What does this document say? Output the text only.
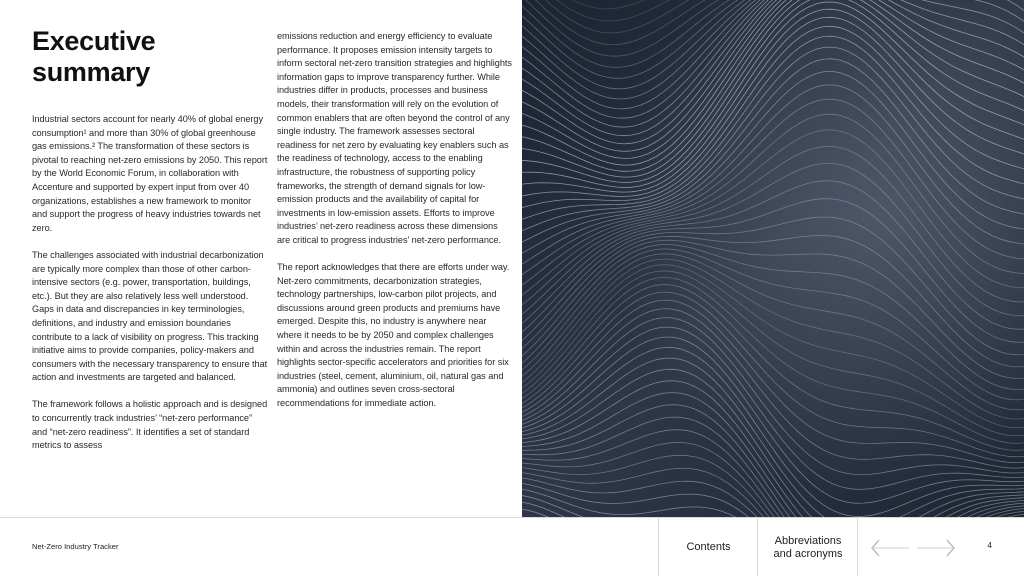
Executive
summary

Industrial sectors account for nearly 40% of global energy consumption¹ and more than 30% of global greenhouse gas emissions.² The transformation of these sectors is pivotal to reaching net-zero emissions by 2050. This report by the World Economic Forum, in collaboration with Accenture and supported by expert input from over 40 organizations, establishes a new framework to monitor and support the progress of heavy industries towards net zero.

The challenges associated with industrial decarbonization are typically more complex than those of other carbon-intensive sectors (e.g. power, transportation, buildings, etc.). But they are also relatively less well understood. Gaps in data and discrepancies in key terminologies, definitions, and industry and emission boundaries contribute to a lack of visibility on progress. This tracking initiative aims to provide companies, policy-makers and consumers with the necessary transparency to ensure that action and investments are targeted and balanced.

The framework follows a holistic approach and is designed to concurrently track industries’ “net-zero performance” and “net-zero readiness”. It identifies a set of standard metrics to assess

emissions reduction and energy efficiency to evaluate performance. It proposes emission intensity targets to inform sectoral net-zero transition strategies and highlights information gaps to improve transparency further. While industries differ in products, processes and business models, their transformation will rely on the evolution of common enablers that are often beyond the control of any single industry. The framework assesses sectoral readiness for net zero by evaluating key enablers such as the readiness of technology, access to the enabling infrastructure, the robustness of supporting policy frameworks, the strength of demand signals for low-emission products and the availability of capital for investments in low-emission assets. Efforts to improve industries’ net-zero readiness across these dimensions are critical to progress industries’ net-zero performance.

The report acknowledges that there are efforts under way. Net-zero commitments, decarbonization strategies, technology partnerships, low-carbon pilot projects, and discussions around green products and premiums have emerged. Despite this, no industry is anywhere near where it needs to be by 2050 and complex challenges within and across the industries remain. The report highlights sector-specific accelerators and priorities for six industries (steel, cement, aluminium, oil, natural gas and ammonia) and outlines seven cross-sectoral recommendations for immediate action.

Net-Zero Industry Tracker	Contents
Abbreviations
and acronyms

4
